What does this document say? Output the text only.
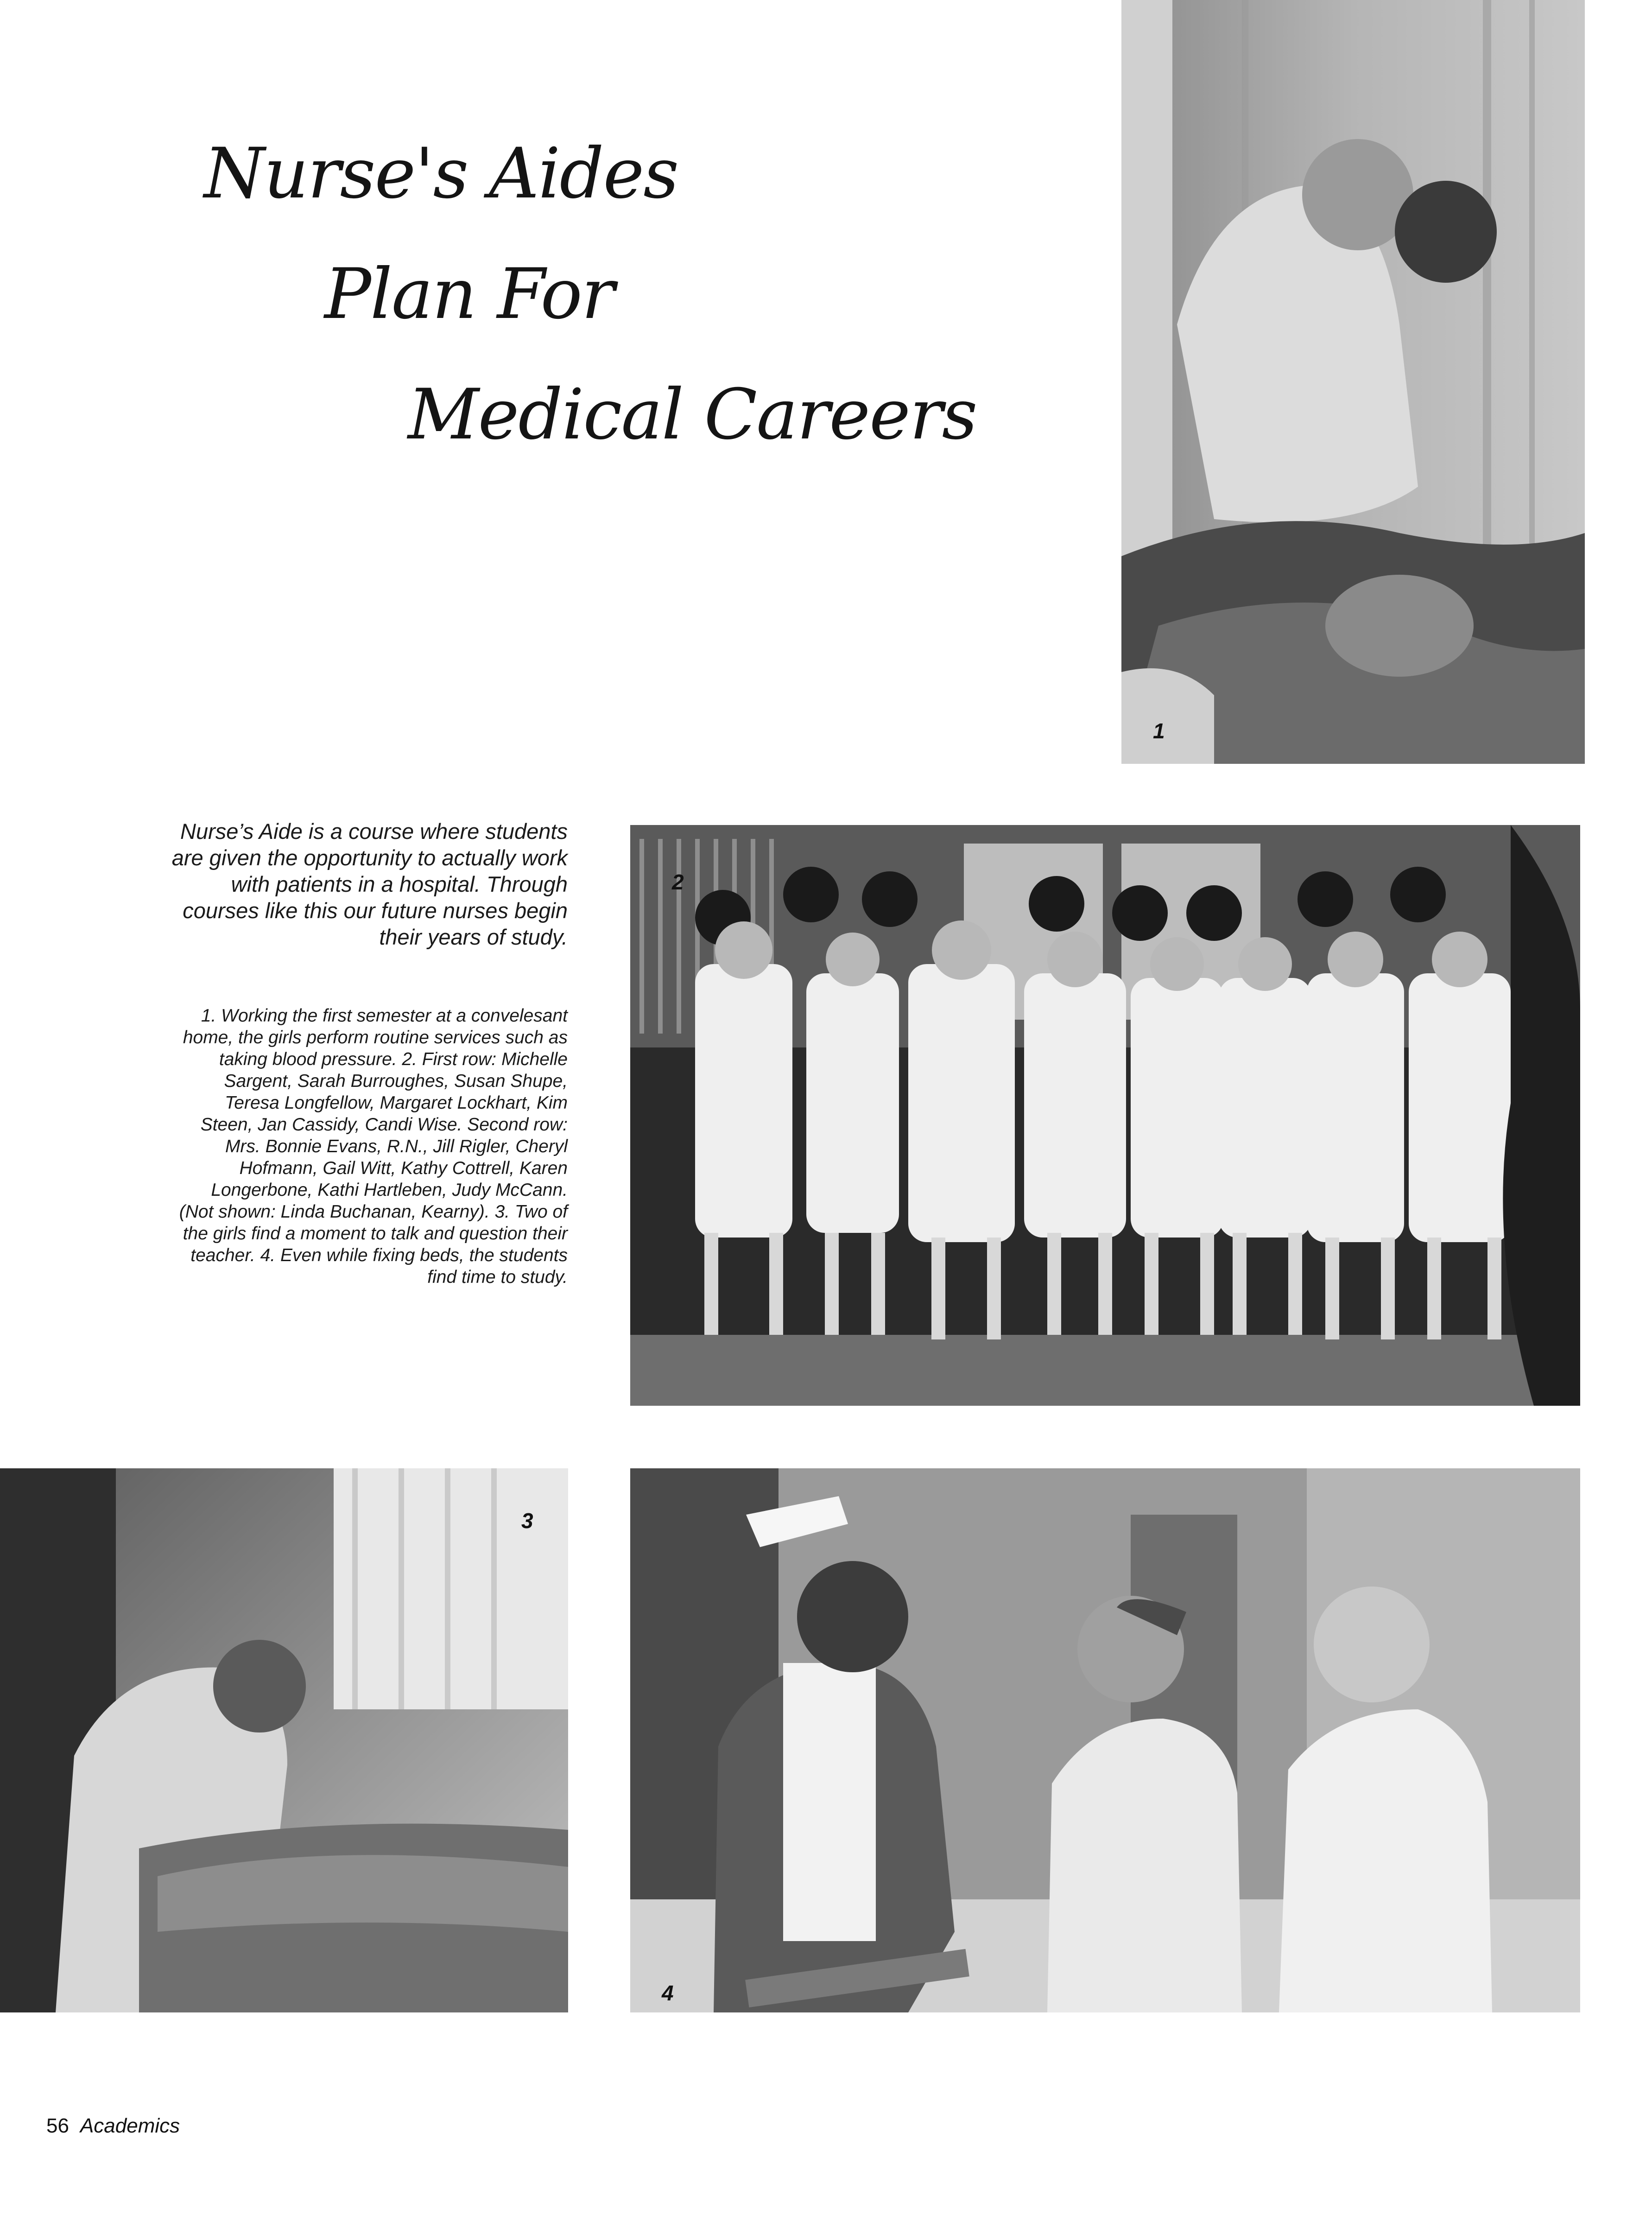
Nurse's Aides
Plan For
Medical Careers
1
Nurse’s Aide is a course where students are given the opportunity to actually work with patients in a hospital. Through courses like this our future nurses begin their years of study.
2
1. Working the first semester at a convelesant home, the girls perform routine services such as taking blood pressure. 2. First row: Michelle Sargent, Sarah Burroughes, Susan Shupe, Teresa Longfellow, Margaret Lockhart, Kim Steen, Jan Cassidy, Candi Wise. Second row: Mrs. Bonnie Evans, R.N., Jill Rigler, Cheryl Hofmann, Gail Witt, Kathy Cottrell, Karen Longerbone, Kathi Hartleben, Judy McCann. (Not shown: Linda Buchanan, Kearny). 3. Two of the girls find a moment to talk and question their teacher. 4. Even while fixing beds, the students find time to study.
3
4
56 Academics
